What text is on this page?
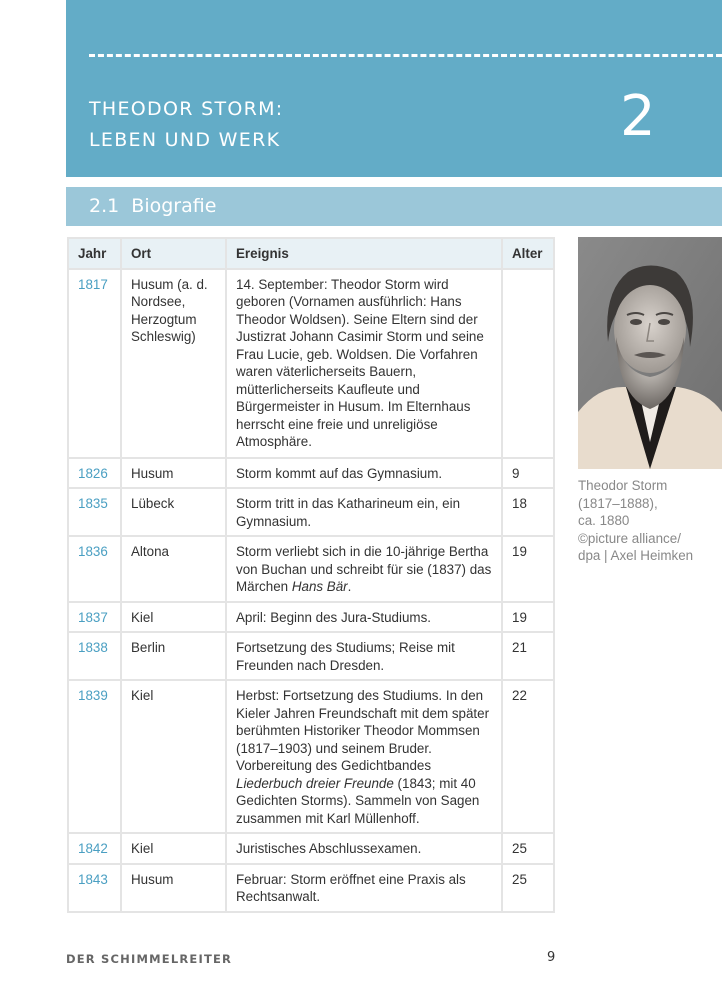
THEODOR STORM:
LEBEN UND WERK	2
2.1  Biografie
Jahr	Ort	Ereignis	Alter
1817	Husum (a. d. Nordsee, Herzogtum Schleswig)	14. September: Theodor Storm wird geboren (Vornamen ausführlich: Hans Theodor Woldsen). Seine Eltern sind der Justizrat Johann Casimir Storm und seine Frau Lucie, geb. Woldsen. Die Vorfahren waren väterlicherseits Bauern, mütterlicherseits Kaufleute und Bürgermeister in Husum. Im Elternhaus herrscht eine freie und unreligiöse Atmosphäre.	
1826	Husum	Storm kommt auf das Gymnasium.	9
1835	Lübeck	Storm tritt in das Katharineum ein, ein Gymnasium.	18
1836	Altona	Storm verliebt sich in die 10-jährige Bertha von Buchan und schreibt für sie (1837) das Märchen Hans Bär.	19
1837	Kiel	April: Beginn des Jura-Studiums.	19
1838	Berlin	Fortsetzung des Studiums; Reise mit Freunden nach Dresden.	21
1839	Kiel	Herbst: Fortsetzung des Studiums. In den Kieler Jahren Freundschaft mit dem später berühmten Historiker Theodor Mommsen (1817–1903) und seinem Bruder. Vorbereitung des Gedichtbandes Liederbuch dreier Freunde (1843; mit 40 Gedichten Storms). Sammeln von Sagen zusammen mit Karl Müllenhoff.	22
1842	Kiel	Juristisches Abschlussexamen.	25
1843	Husum	Februar: Storm eröffnet eine Praxis als Rechtsanwalt.	25
Theodor Storm
(1817–1888),
ca. 1880
©picture alliance/
dpa | Axel Heimken
DER SCHIMMELREITER	9
